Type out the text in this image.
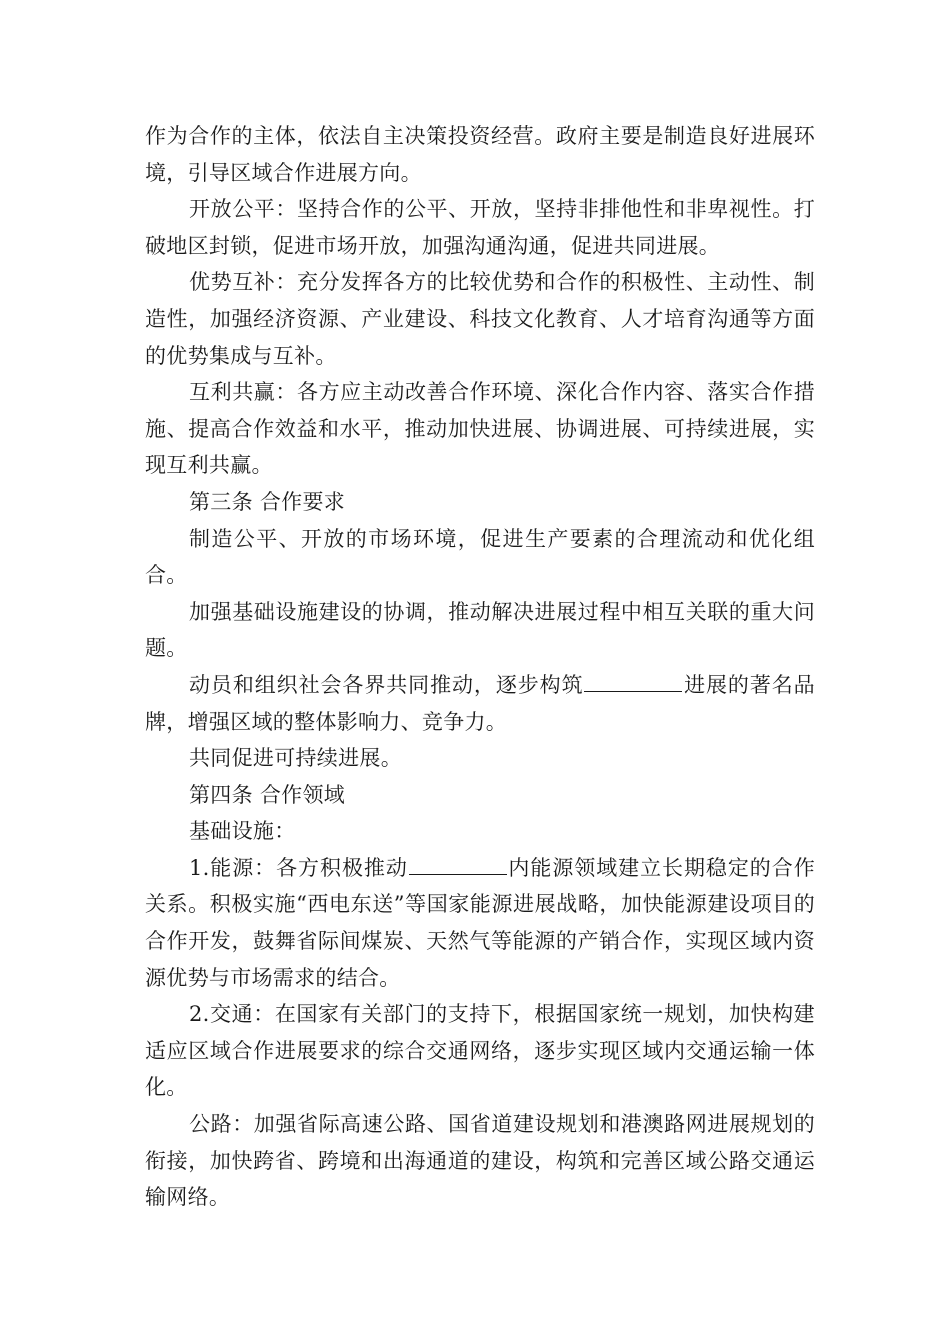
作为合作的主体，依法自主决策投资经营。政府主要是制造良好进展环境，引导区域合作进展方向。

开放公平：坚持合作的公平、开放，坚持非排他性和非卑视性。打破地区封锁，促进市场开放，加强沟通沟通，促进共同进展。

优势互补：充分发挥各方的比较优势和合作的积极性、主动性、制造性，加强经济资源、产业建设、科技文化教育、人才培育沟通等方面的优势集成与互补。

互利共赢：各方应主动改善合作环境、深化合作内容、落实合作措施、提高合作效益和水平，推动加快进展、协调进展、可持续进展，实现互利共赢。

第三条 合作要求

制造公平、开放的市场环境，促进生产要素的合理流动和优化组合。

加强基础设施建设的协调，推动解决进展过程中相互关联的重大问题。

动员和组织社会各界共同推动，逐步构筑	进展的著名品牌，增强区域的整体影响力、竞争力。

共同促进可持续进展。

第四条 合作领域

基础设施：

1.能源：各方积极推动	内能源领域建立长期稳定的合作关系。积极实施“西电东送”等国家能源进展战略，加快能源建设项目的合作开发，鼓舞省际间煤炭、天然气等能源的产销合作，实现区域内资源优势与市场需求的结合。

2.交通：在国家有关部门的支持下，根据国家统一规划，加快构建适应区域合作进展要求的综合交通网络，逐步实现区域内交通运输一体化。

公路：加强省际高速公路、国省道建设规划和港澳路网进展规划的衔接，加快跨省、跨境和出海通道的建设，构筑和完善区域公路交通运输网络。
